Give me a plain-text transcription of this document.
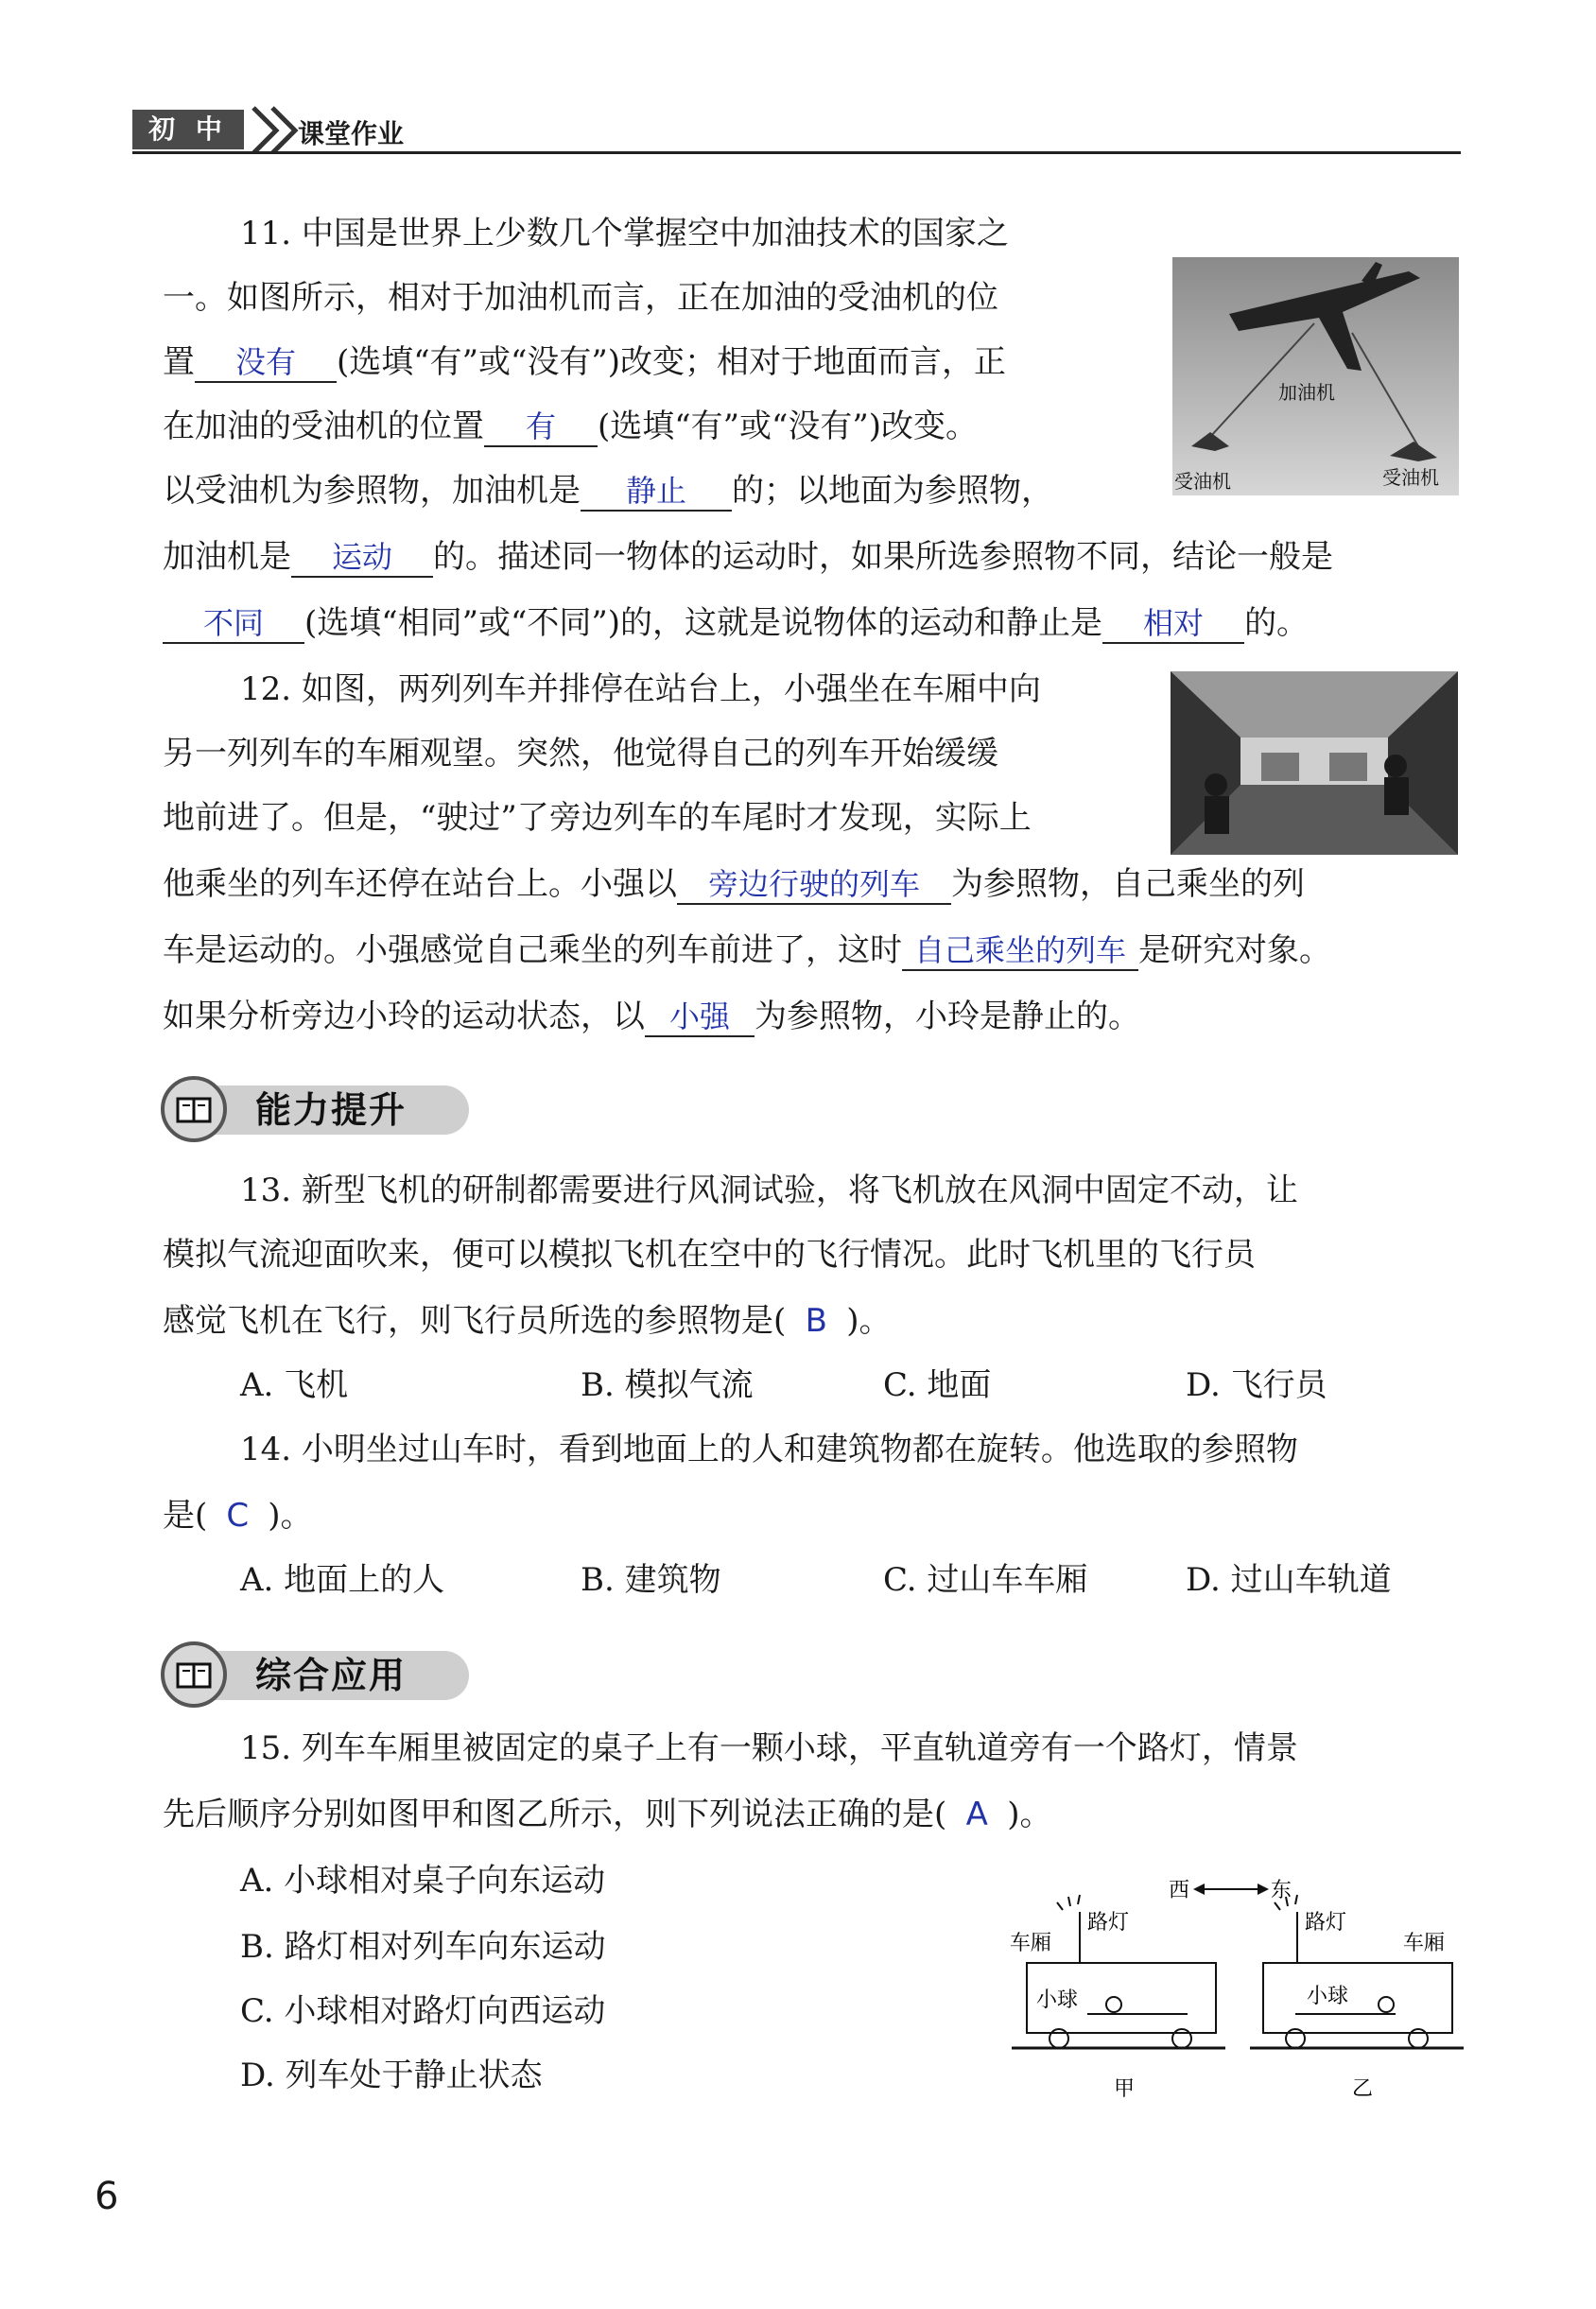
初 中	课堂作业
11. 中国是世界上少数几个掌握空中加油技术的国家之
一。如图所示，相对于加油机而言，正在加油的受油机的位
置 没有 (选填“有”或“没有”)改变；相对于地面而言，正
在加油的受油机的位置 有 (选填“有”或“没有”)改变。
以受油机为参照物，加油机是 静止 的；以地面为参照物，
加油机是 运动 的。描述同一物体的运动时，如果所选参照物不同，结论一般是
不同 (选填“相同”或“不同”)的，这就是说物体的运动和静止是 相对 的。
加油机
受油机	受油机
12. 如图，两列列车并排停在站台上，小强坐在车厢中向
另一列列车的车厢观望。突然，他觉得自己的列车开始缓缓
地前进了。但是，“驶过”了旁边列车的车尾时才发现，实际上
他乘坐的列车还停在站台上。小强以 旁边行驶的列车 为参照物，自己乘坐的列
车是运动的。小强感觉自己乘坐的列车前进了，这时 自己乘坐的列车 是研究对象。
如果分析旁边小玲的运动状态，以 小强 为参照物，小玲是静止的。
能力提升
13. 新型飞机的研制都需要进行风洞试验，将飞机放在风洞中固定不动，让
模拟气流迎面吹来，便可以模拟飞机在空中的飞行情况。此时飞机里的飞行员
感觉飞机在飞行，则飞行员所选的参照物是( B )。
A. 飞机	B. 模拟气流	C. 地面	D. 飞行员
14. 小明坐过山车时，看到地面上的人和建筑物都在旋转。他选取的参照物
是( C )。
A. 地面上的人	B. 建筑物	C. 过山车车厢	D. 过山车轨道
综合应用
15. 列车车厢里被固定的桌子上有一颗小球，平直轨道旁有一个路灯，情景
先后顺序分别如图甲和图乙所示，则下列说法正确的是( A )。
A. 小球相对桌子向东运动
B. 路灯相对列车向东运动
C. 小球相对路灯向西运动
D. 列车处于静止状态
西	东
车厢
路灯
小球
甲
路灯
车厢
小球
乙
6
